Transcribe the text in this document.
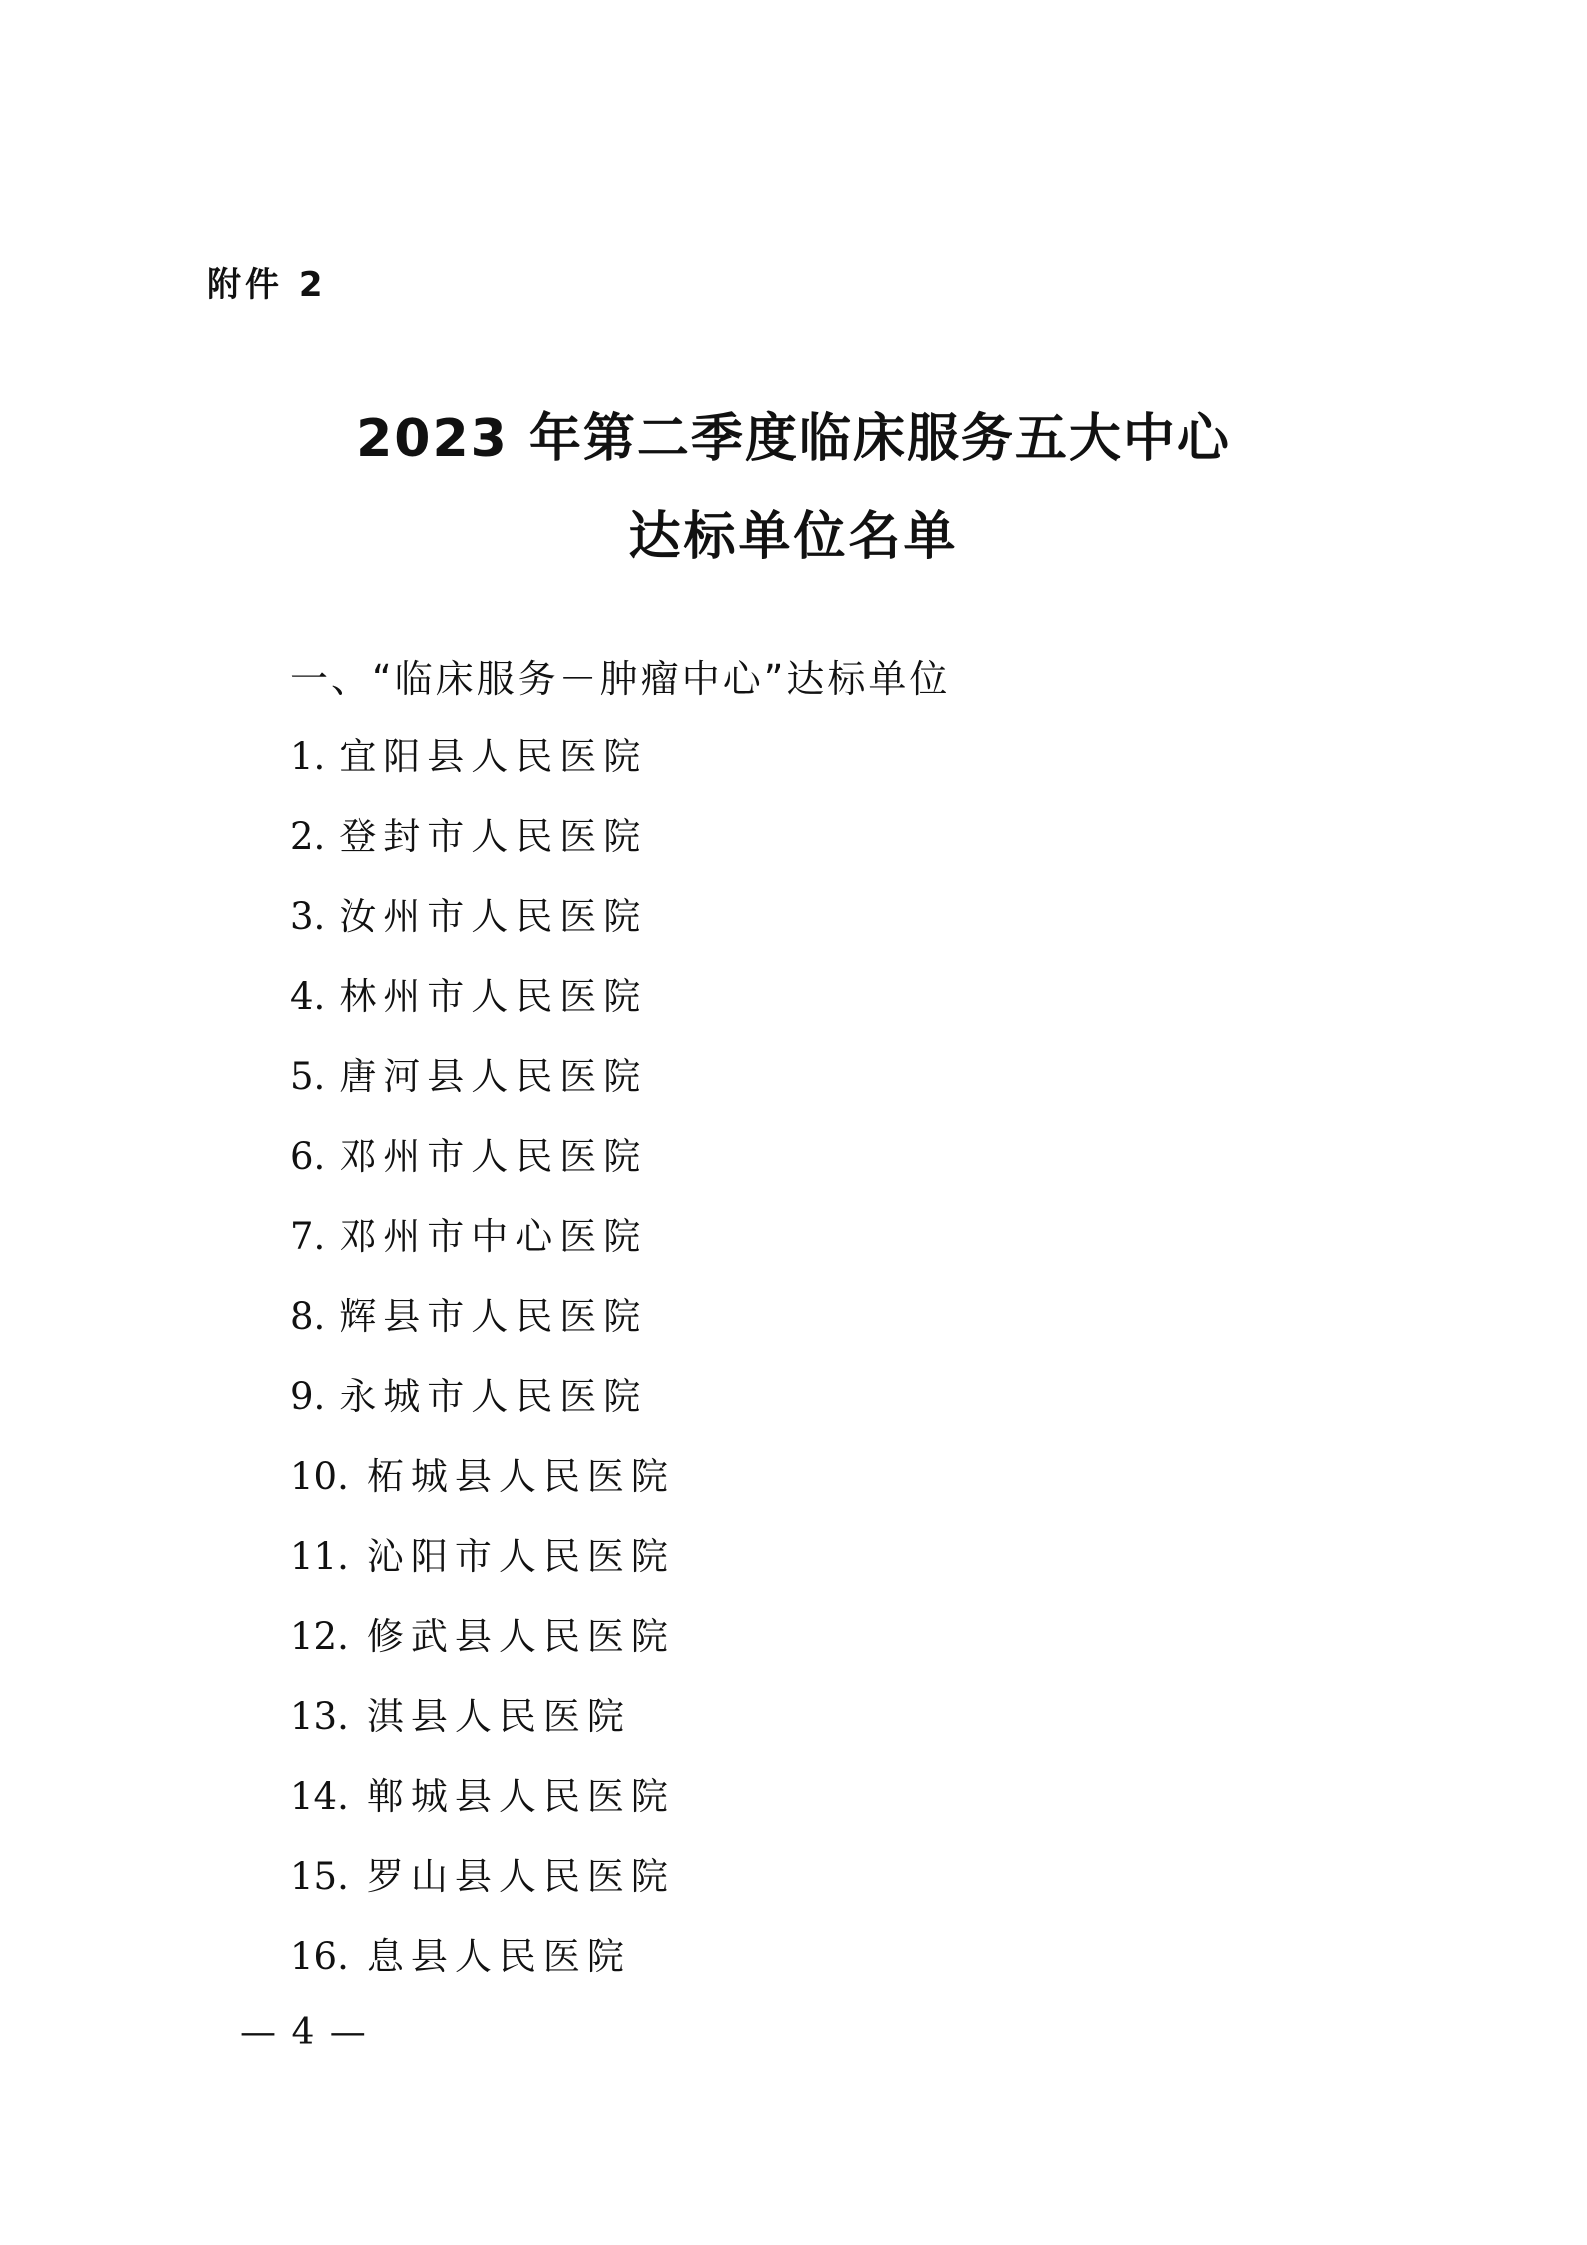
附件 2
2023 年第二季度临床服务五大中心
达标单位名单
一、“临床服务－肿瘤中心”达标单位
1. 宜阳县人民医院
2. 登封市人民医院
3. 汝州市人民医院
4. 林州市人民医院
5. 唐河县人民医院
6. 邓州市人民医院
7. 邓州市中心医院
8. 辉县市人民医院
9. 永城市人民医院
10. 柘城县人民医院
11. 沁阳市人民医院
12. 修武县人民医院
13. 淇县人民医院
14. 郸城县人民医院
15. 罗山县人民医院
16. 息县人民医院
— 4 —
